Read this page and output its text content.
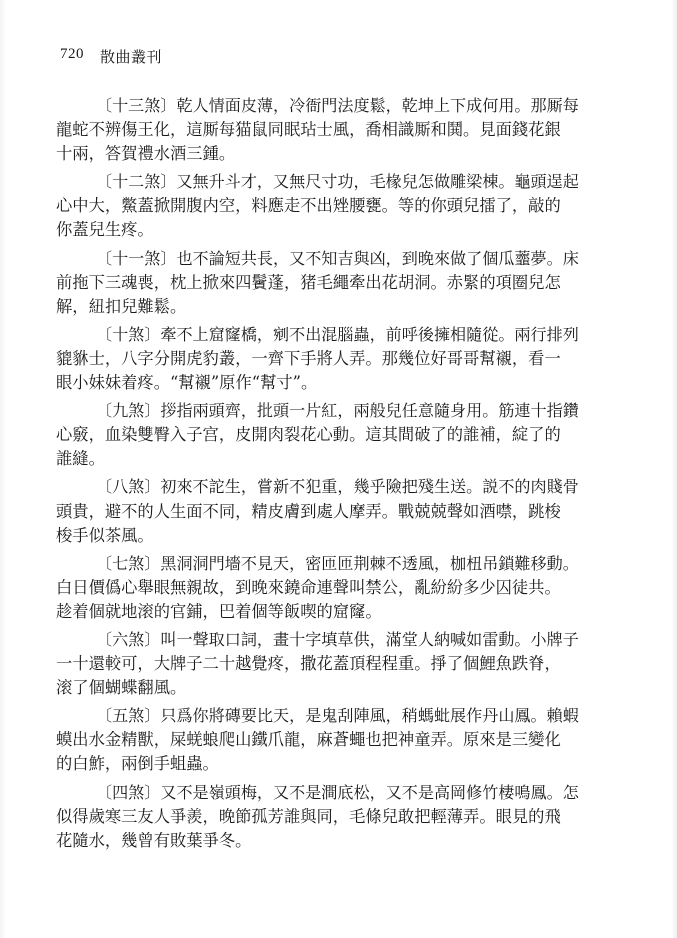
720 散曲叢刊
〔十三煞〕乾人情面皮薄，冷衙門法度鬆，乾坤上下成何用。那厮每
龍蛇不辨傷王化，這厮每猫鼠同眠玷士風，喬相識厮和鬨。見面錢花銀
十兩，答賀禮水酒三鍾。
〔十二煞〕又無升斗才，又無尺寸功，毛椽兒怎做雕梁棟。龜頭逞起
心中大，鱉蓋掀開腹内空，料應走不出矬腰甕。等的你頭兒擂了，敲的
你蓋兒生疼。
〔十一煞〕也不論短共長，又不知吉與凶，到晚來做了個瓜虀夢。床
前拖下三魂喪，枕上掀來四鬢蓬，猪毛繩牽出花胡洞。赤緊的項圈兒怎
解，紐扣兒難鬆。
〔十煞〕牽不上窟窿橋，剜不出混腦蟲，前呼後擁相隨從。兩行排列
貔貅士，八字分開虎豹叢，一齊下手將人弄。那幾位好哥哥幫襯，看一
眼小妹妹着疼。“幫襯”原作“幫寸”。
〔九煞〕拶指兩頭齊，批頭一片紅，兩般兒任意隨身用。筋連十指鑽
心竅，血染雙臀入子宫，皮開肉裂花心動。這其間破了的誰補，綻了的
誰縫。
〔八煞〕初來不詑生，嘗新不犯重，幾乎險把殘生送。説不的肉賤骨
頭貴，避不的人生面不同，精皮膚到處人摩弄。戰兢兢聲如酒噤，跳梭
梭手似茶風。
〔七煞〕黑洞洞門墻不見天，密匝匝荆棘不透風，枷杻吊鎖難移動。
白日價僞心舉眼無親故，到晚來鐃命連聲叫禁公，亂紛紛多少囚徒共。
趁着個就地滚的官鋪，巴着個等飯喫的窟窿。
〔六煞〕叫一聲取口詞，畫十字填草供，滿堂人納喊如雷動。小牌子
一十還較可，大牌子二十越覺疼，撒花蓋頂程程重。掙了個鯉魚跌脊，
滚了個蝴蝶翻風。
〔五煞〕只爲你將磚要比天，是鬼刮陣風，稍螞蚍展作丹山鳳。賴蝦
蟆出水金精獸，屎蜣蜋爬山鐵爪龍，麻蒼蠅也把神童弄。原來是三變化
的白鮓，兩倒手蛆蟲。
〔四煞〕又不是嶺頭梅，又不是澗底松，又不是高岡修竹棲鳴鳳。怎
似得歲寒三友人爭羨，晚節孤芳誰與同，毛條兒敢把輕薄弄。眼見的飛
花隨水，幾曾有敗葉爭冬。
